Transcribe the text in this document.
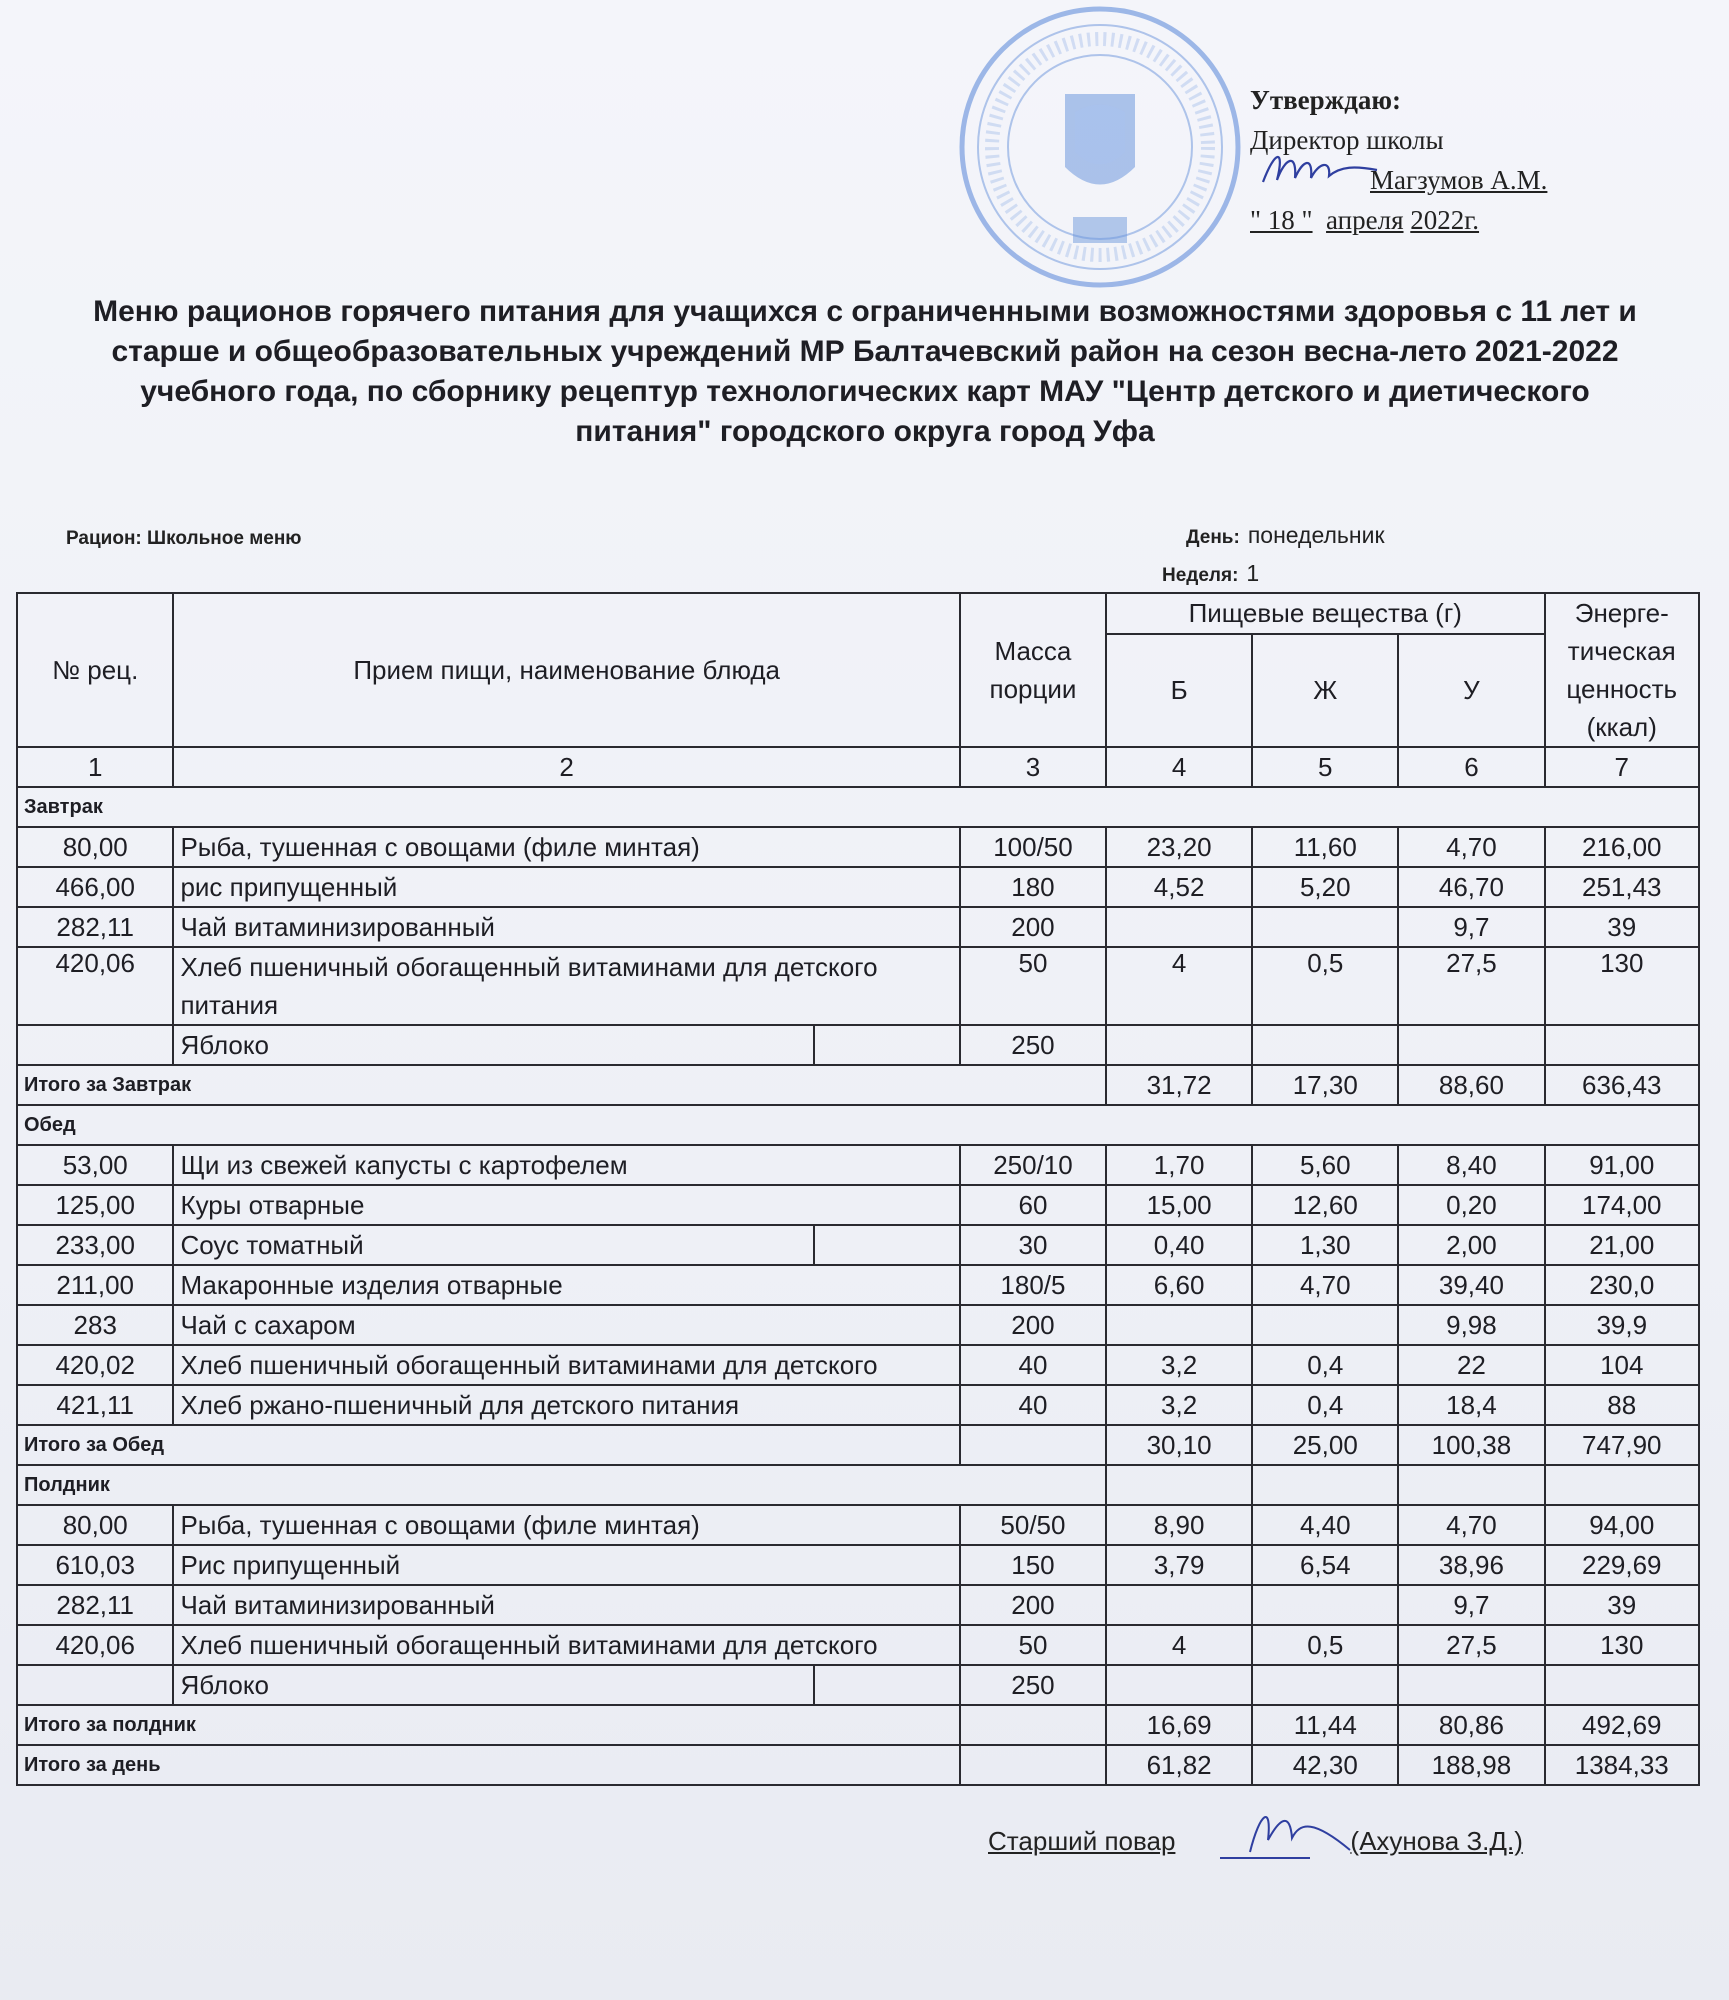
Утверждаю:
Директор школы
Магзумов А.М.
" 18 " апреля 2022г.
Меню рационов горячего питания для учащихся с ограниченными возможностями здоровья с 11 лет и старше и общеобразовательных учреждений МР Балтачевский район на сезон весна-лето 2021-2022 учебного года, по сборнику рецептур технологических карт МАУ "Центр детского и диетического питания" городского округа город Уфа
Рацион: Школьное меню	День: понедельник
Неделя: 1
№ рец.	Прием пищи, наименование блюда		Масса порции	Пищевые вещества (г)			Энерге-тическая ценность (ккал)
				Б	Ж	У	
1	2		3	4	5	6	7
Завтрак							
80,00	Рыба, тушенная с овощами (филе минтая)		100/50	23,20	11,60	4,70	216,00
466,00	рис припущенный		180	4,52	5,20	46,70	251,43
282,11	Чай витаминизированный		200			9,7	39
420,06	Хлеб пшеничный обогащенный витаминами для детского питания		50	4	0,5	27,5	130
	Яблоко		250				
Итого за Завтрак				31,72	17,30	88,60	636,43
Обед							
53,00	Щи из свежей капусты с картофелем		250/10	1,70	5,60	8,40	91,00
125,00	Куры отварные		60	15,00	12,60	0,20	174,00
233,00	Соус томатный		30	0,40	1,30	2,00	21,00
211,00	Макаронные изделия отварные		180/5	6,60	4,70	39,40	230,0
283	Чай с сахаром		200			9,98	39,9
420,02	Хлеб пшеничный обогащенный витаминами для детского		40	3,2	0,4	22	104
421,11	Хлеб ржано-пшеничный для детского питания		40	3,2	0,4	18,4	88
Итого за Обед				30,10	25,00	100,38	747,90
Полдник							
80,00	Рыба, тушенная с овощами (филе минтая)		50/50	8,90	4,40	4,70	94,00
610,03	Рис припущенный		150	3,79	6,54	38,96	229,69
282,11	Чай витаминизированный		200			9,7	39
420,06	Хлеб пшеничный обогащенный витаминами для детского		50	4	0,5	27,5	130
	Яблоко		250				
Итого за полдник				16,69	11,44	80,86	492,69
Итого за день				61,82	42,30	188,98	1384,33
Старший повар	(Ахунова З.Д.)
